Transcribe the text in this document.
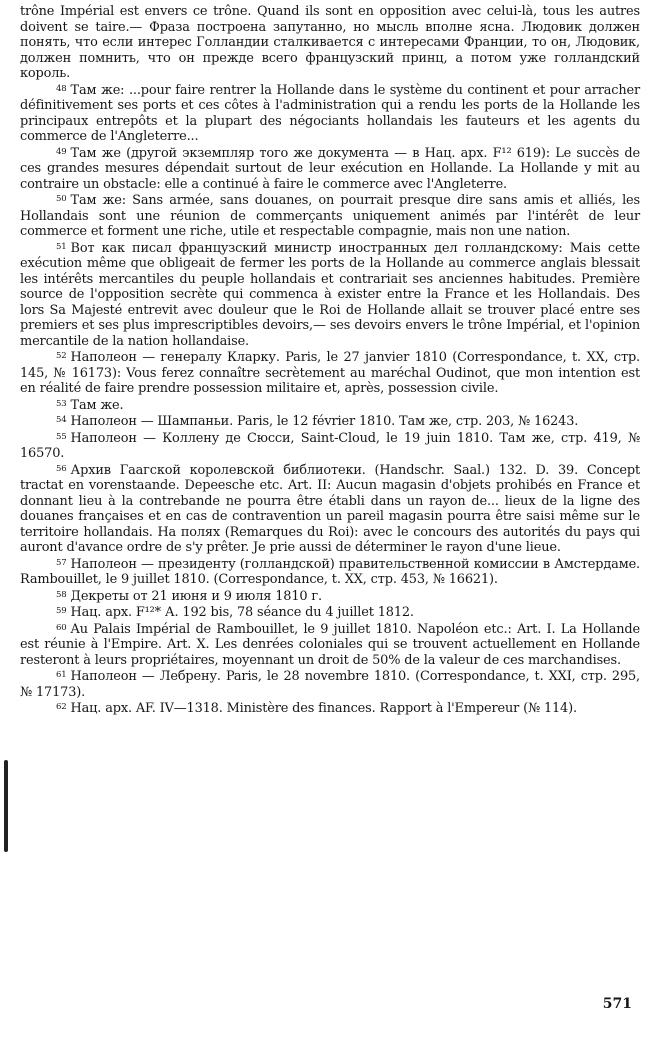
trône Impérial est envers ce trône. Quand ils sont en opposition avec celui-là, tous les autres doivent se taire.— Фраза построена запутанно, но мысль вполне ясна. Людовик должен понять, что если интерес Голландии сталкивается с интересами Франции, то он, Людовик, должен помнить, что он прежде всего французский принц, а потом уже голландский король.

$^{48}$ Там же: ...pour faire rentrer la Hollande dans le système du continent et pour arracher définitivement ses ports et ces côtes à l'administration qui a rendu les ports de la Hollande les principaux entrepôts et la plupart des négociants hollandais les fauteurs et les agents du commerce de l'Angleterre...

$^{49}$ Там же (другой экземпляр того же документа — в Нац. арх. F¹² 619): Le succès de ces grandes mesures dépendait surtout de leur exécution en Hollande. La Hollande y mit au contraire un obstacle: elle a continué à faire le commerce avec l'Angleterre.

$^{50}$ Там же: Sans armée, sans douanes, on pourrait presque dire sans amis et alliés, les Hollandais sont une réunion de commerçants uniquement animés par l'intérêt de leur commerce et forment une riche, utile et respectable compagnie, mais non une nation.

$^{51}$ Вот как писал французский министр иностранных дел голландскому: Mais cette exécution même que obligeait de fermer les ports de la Hollande au commerce anglais blessait les intérêts mercantiles du peuple hollandais et contrariait ses anciennes habitudes. Première source de l'opposition secrète qui commenca à exister entre la France et les Hollandais. Des lors Sa Majesté entrevit avec douleur que le Roi de Hollande allait se trouver placé entre ses premiers et ses plus imprescriptibles devoirs,— ses devoirs envers le trône Impérial, et l'opinion mercantile de la nation hollandaise.

$^{52}$ Наполеон — генералу Кларку. Paris, le 27 janvier 1810 (Correspondance, t. XX, стр. 145, № 16173): Vous ferez connaître secrètement au maréchal Oudinot, que mon intention est en réalité de faire prendre possession militaire et, après, possession civile.

$^{53}$ Там же.

$^{54}$ Наполеон — Шампаньи. Paris, le 12 février 1810. Там же, стр. 203, № 16243.

$^{55}$ Наполеон — Коллену де Сюсси, Saint-Cloud, le 19 juin 1810. Там же, стр. 419, № 16570.

$^{56}$ Архив Гаагской королевской библиотеки. (Handschr. Saal.) 132. D. 39. Concept tractat en vorenstaande. Depeesche etc. Art. II: Aucun magasin d'objets prohibés en France et donnant lieu à la contrebande ne pourra être établi dans un rayon de... lieux de la ligne des douanes françaises et en cas de contravention un pareil magasin pourra être saisi même sur le territoire hollandais. На полях (Remarques du Roi): avec le concours des autorités du pays qui auront d'avance ordre de s'y prêter. Je prie aussi de déterminer le rayon d'une lieue.

$^{57}$ Наполеон — президенту (голландской) правительственной комиссии в Амстердаме. Rambouillet, le 9 juillet 1810. (Correspondance, t. XX, стр. 453, № 16621).

$^{58}$ Декреты от 21 июня и 9 июля 1810 г.

$^{59}$ Нац. арх. F¹²* А. 192 bis, 78 séance du 4 juillet 1812.

$^{60}$ Au Palais Impérial de Rambouillet, le 9 juillet 1810. Napoléon etc.: Art. I. La Hollande est réunie à l'Empire. Art. X. Les denrées coloniales qui se trouvent actuellement en Hollande resteront à leurs propriétaires, moyennant un droit de 50% de la valeur de ces marchandises.

$^{61}$ Наполеон — Лебрену. Paris, le 28 novembre 1810. (Correspondance, t. XXI, стр. 295, № 17173).

$^{62}$ Нац. арх. AF. IV—1318. Ministère des finances. Rapport à l'Empereur (№ 114).

571
